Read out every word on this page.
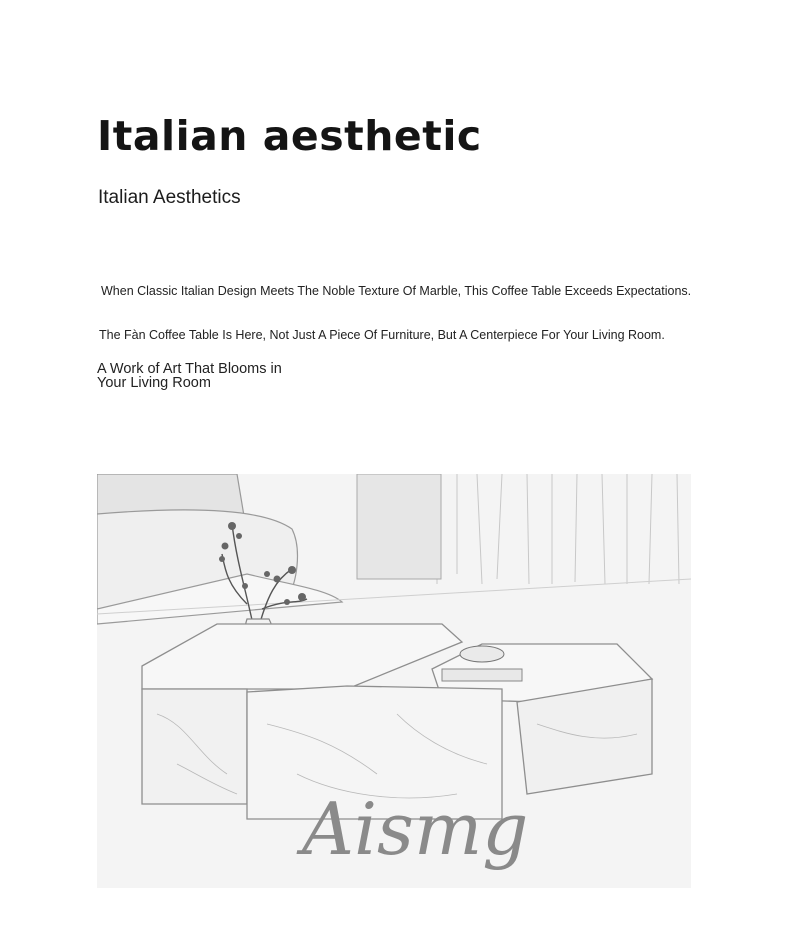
Italian aesthetic
Italian Aesthetics
When Classic Italian Design Meets The Noble Texture Of Marble, This Coffee Table Exceeds Expectations.
The Fàn Coffee Table Is Here, Not Just A Piece Of Furniture, But A Centerpiece For Your Living Room.
A Work of Art That Blooms in
Your Living Room
Aismg
